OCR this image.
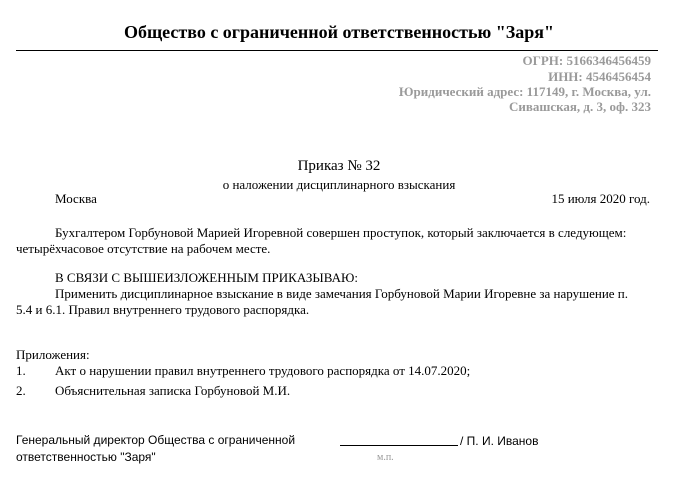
Общество с ограниченной ответственностью "Заря"
ОГРН: 5166346456459
ИНН: 4546456454
Юридический адрес: 117149, г. Москва, ул.
Сивашская, д. 3, оф. 323
Приказ № 32
о наложении дисциплинарного взыскания
Москва	15 июля 2020 год.
Бухгалтером Горбуновой Марией Игоревной совершен проступок, который заключается в следующем:
четырёхчасовое отсутствие на рабочем месте.
В СВЯЗИ С ВЫШЕИЗЛОЖЕННЫМ ПРИКАЗЫВАЮ:
Применить дисциплинарное взыскание в виде замечания Горбуновой Марии Игоревне за нарушение п.
5.4 и 6.1. Правил внутреннего трудового распорядка.
Приложения:
1. Акт о нарушении правил внутреннего трудового распорядка от 14.07.2020;
2. Объяснительная записка Горбуновой М.И.
Генеральный директор Общества с ограниченной
ответственностью "Заря"
/ П. И. Иванов
м.п.
